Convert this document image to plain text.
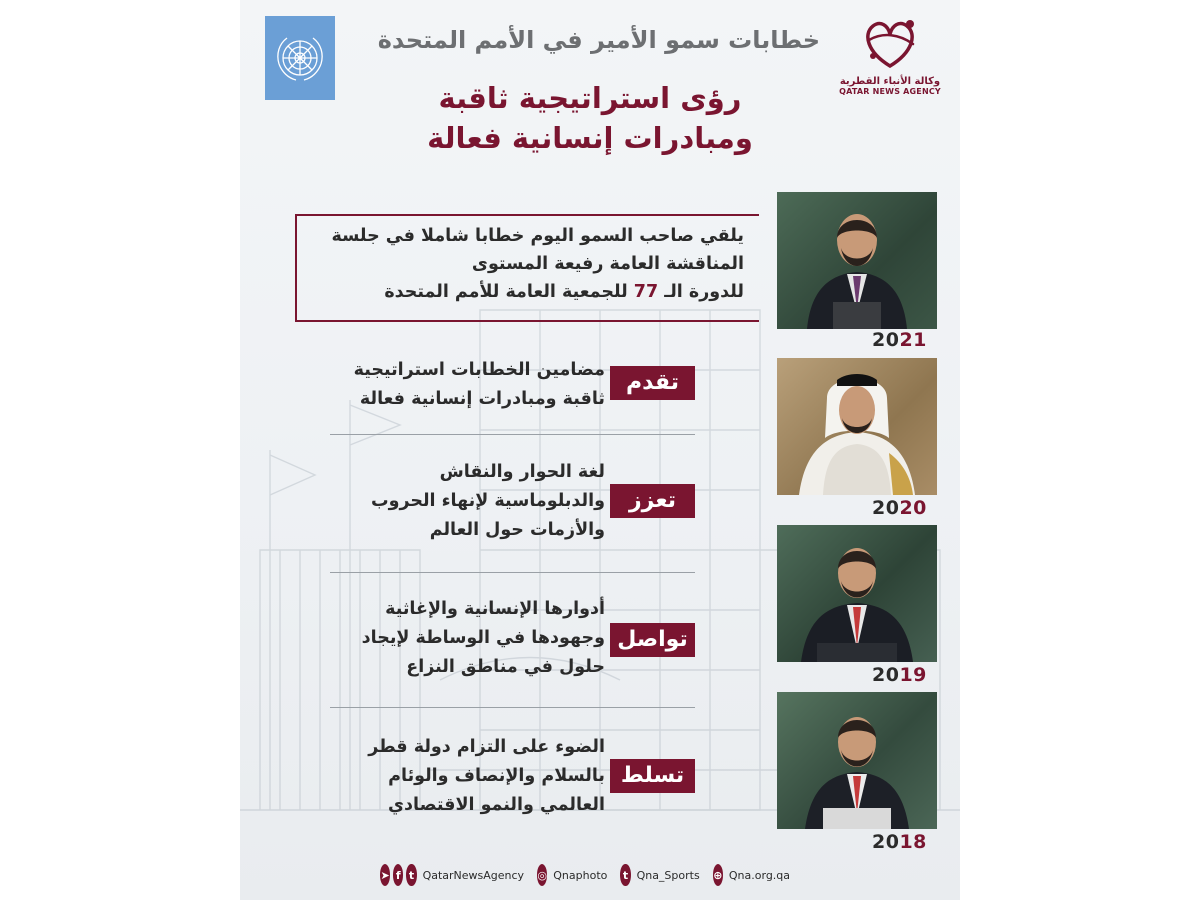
وكالة الأنباء القطرية
QATAR NEWS AGENCY
خطابات سمو الأمير في الأمم المتحدة
رؤى استراتيجية ثاقبة
ومبادرات إنسانية فعالة
يلقي صاحب السمو اليوم خطابا شاملا في جلسة
المناقشة العامة رفيعة المستوى
للدورة الـ 77 للجمعية العامة للأمم المتحدة
2021
2020
2019
2018
مضامين الخطابات استراتيجية
ثاقبة ومبادرات إنسانية فعالة
تقدم
لغة الحوار والنقاش
والدبلوماسية لإنهاء الحروب
والأزمات حول العالم
تعزز
أدوارها الإنسانية والإغاثية
وجهودها في الوساطة لإيجاد
حلول في مناطق النزاع
تواصل
الضوء على التزام دولة قطر
بالسلام والإنصاف والوئام
العالمي والنمو الاقتصادي
تسلط
➤ f t QatarNewsAgency ◎ Qnaphoto t Qna_Sports ⊕ Qna.org.qa
